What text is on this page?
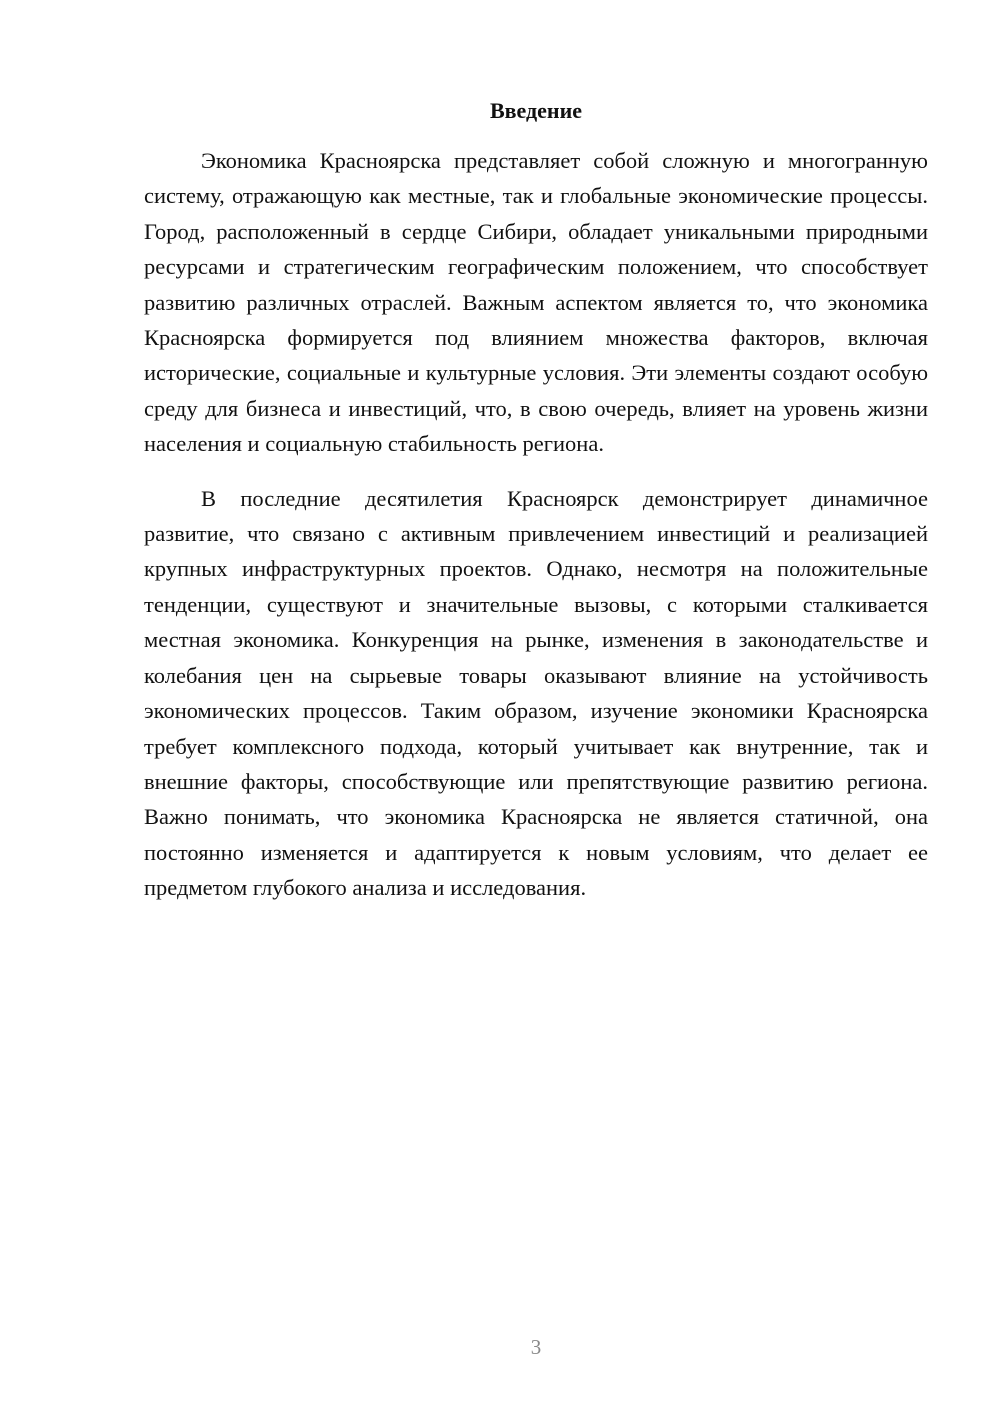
Введение

Экономика Красноярска представляет собой сложную и многогранную систему, отражающую как местные, так и глобальные экономические процессы. Город, расположенный в сердце Сибири, обладает уникальными природными ресурсами и стратегическим географическим положением, что способствует развитию различных отраслей. Важным аспектом является то, что экономика Красноярска формируется под влиянием множества факторов, включая исторические, социальные и культурные условия. Эти элементы создают особую среду для бизнеса и инвестиций, что, в свою очередь, влияет на уровень жизни населения и социальную стабильность региона.

В последние десятилетия Красноярск демонстрирует динамичное развитие, что связано с активным привлечением инвестиций и реализацией крупных инфраструктурных проектов. Однако, несмотря на положительные тенденции, существуют и значительные вызовы, с которыми сталкивается местная экономика. Конкуренция на рынке, изменения в законодательстве и колебания цен на сырьевые товары оказывают влияние на устойчивость экономических процессов. Таким образом, изучение экономики Красноярска требует комплексного подхода, который учитывает как внутренние, так и внешние факторы, способствующие или препятствующие развитию региона. Важно понимать, что экономика Красноярска не является статичной, она постоянно изменяется и адаптируется к новым условиям, что делает ее предметом глубокого анализа и исследования.

3
